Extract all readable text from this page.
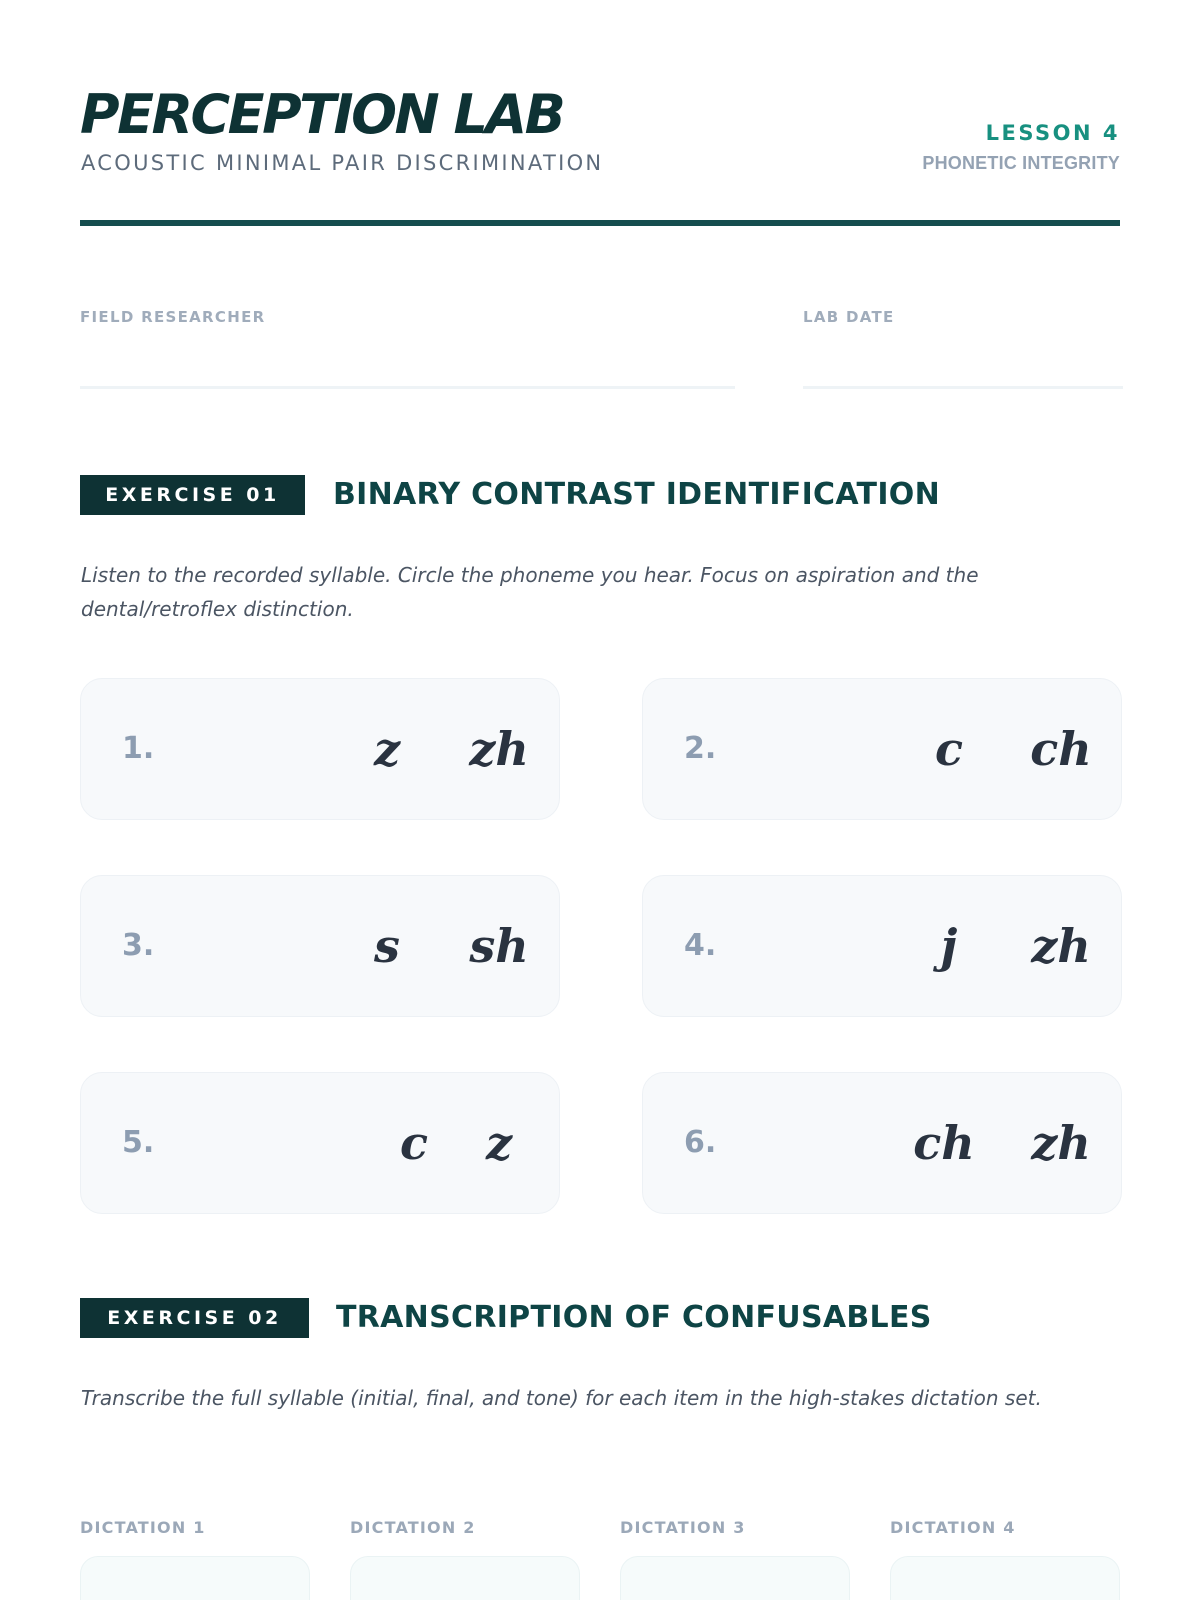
PERCEPTION LAB
ACOUSTIC MINIMAL PAIR DISCRIMINATION
LESSON 4
PHONETIC INTEGRITY
FIELD RESEARCHER	LAB DATE
EXERCISE 01	BINARY CONTRAST IDENTIFICATION
Listen to the recorded syllable. Circle the phoneme you hear. Focus on aspiration and the dental/retroflex distinction.
1.	z	zh	2.	c	ch
3.	s	sh	4.	j	zh
5.	c	z	6.	ch	zh
EXERCISE 02	TRANSCRIPTION OF CONFUSABLES
Transcribe the full syllable (initial, final, and tone) for each item in the high-stakes dictation set.
DICTATION 1	DICTATION 2	DICTATION 3	DICTATION 4
